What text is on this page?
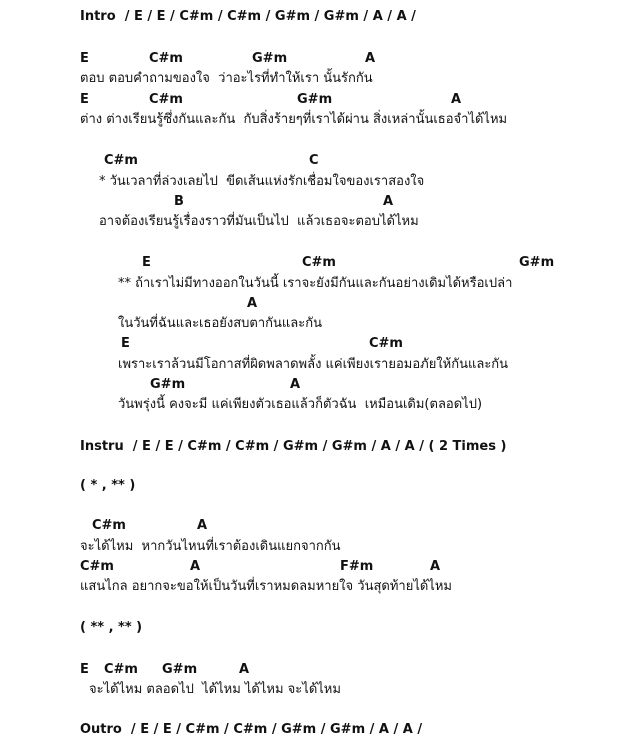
Intro  / E / E / C#m / C#m / G#m / G#m / A / A /
E	C#m	G#m	A
ตอบ ตอบคำถามของใจ  ว่าอะไรที่ทำให้เรา นั้นรักกัน
E	C#m	G#m	A
ต่าง ต่างเรียนรู้ซึ่งกันและกัน  กับสิ่งร้ายๆที่เราได้ผ่าน สิ่งเหล่านั้นเธอจำได้ไหม
C#m	C
* วันเวลาที่ล่วงเลยไป  ขีดเส้นแห่งรักเชื่อมใจของเราสองใจ
B	A
อาจต้องเรียนรู้เรื่องราวที่มันเป็นไป  แล้วเธอจะตอบได้ไหม
E	C#m	G#m
** ถ้าเราไม่มีทางออกในวันนี้ เราจะยังมีกันและกันอย่างเดิมได้หรือเปล่า
A
ในวันที่ฉันและเธอยังสบตากันและกัน
E	C#m
เพราะเราล้วนมีโอกาสที่ผิดพลาดพลั้ง แค่เพียงเรายอมอภัยให้กันและกัน
G#m	A
วันพรุ่งนี้ คงจะมี แค่เพียงตัวเธอแล้วก็ตัวฉัน  เหมือนเดิม(ตลอดไป)
Instru  / E / E / C#m / C#m / G#m / G#m / A / A / ( 2 Times )
( * , ** )
C#m	A
จะได้ไหม  หากวันไหนที่เราต้องเดินแยกจากกัน
C#m	A	F#m	A
แสนไกล อยากจะขอให้เป็นวันที่เราหมดลมหายใจ วันสุดท้ายได้ไหม
( ** , ** )
E C#m G#m	A
จะได้ไหม ตลอดไป  ได้ไหม ได้ไหม จะได้ไหม
Outro  / E / E / C#m / C#m / G#m / G#m / A / A /
